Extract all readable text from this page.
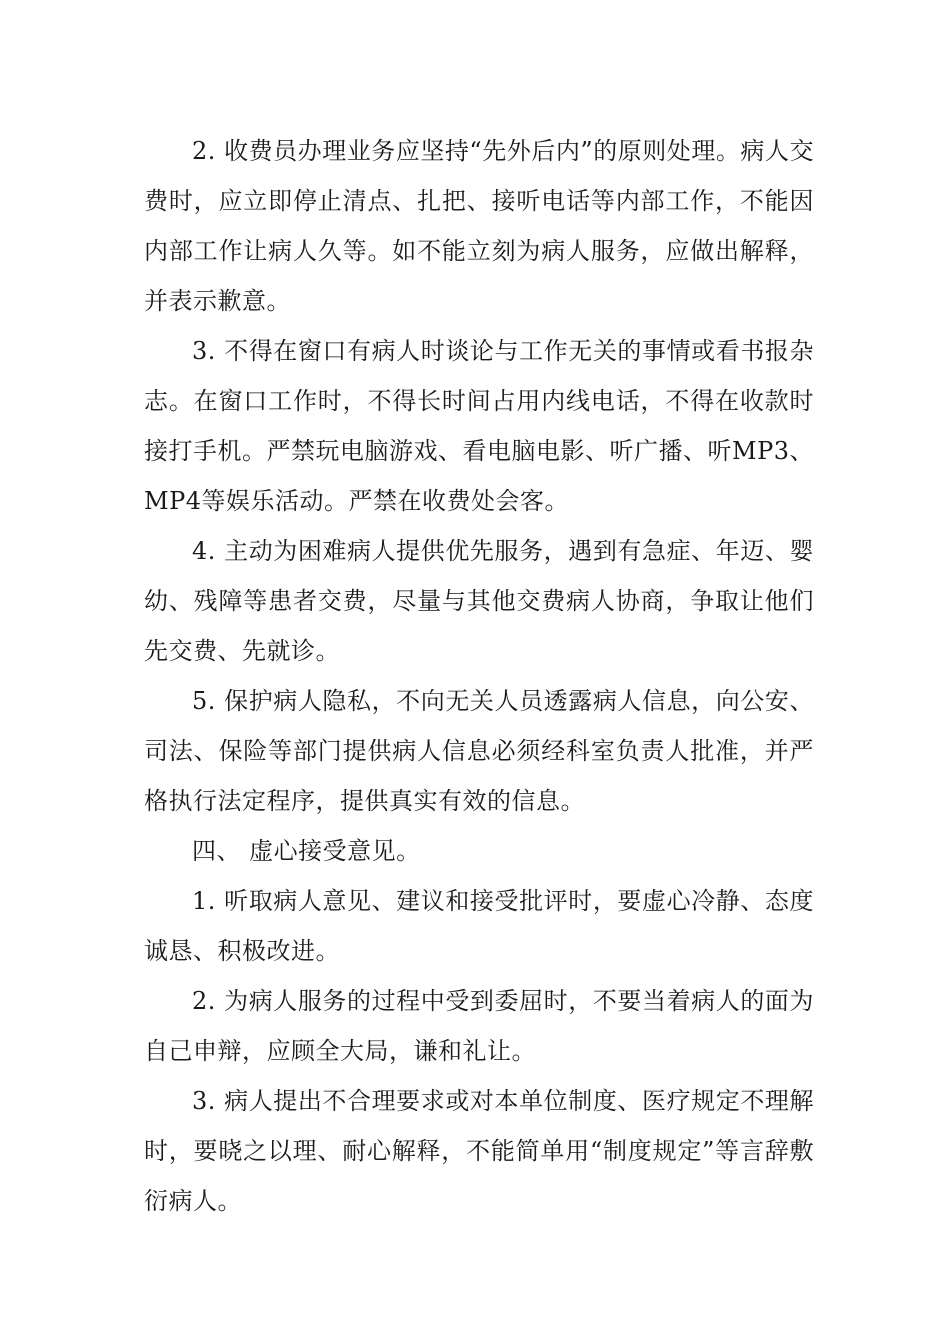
2. 收费员办理业务应坚持“先外后内”的原则处理。病人交费时，应立即停止清点、扎把、接听电话等内部工作，不能因内部工作让病人久等。如不能立刻为病人服务，应做出解释，并表示歉意。

3. 不得在窗口有病人时谈论与工作无关的事情或看书报杂志。在窗口工作时，不得长时间占用内线电话，不得在收款时接打手机。严禁玩电脑游戏、看电脑电影、听广播、听MP3、MP4等娱乐活动。严禁在收费处会客。

4. 主动为困难病人提供优先服务，遇到有急症、年迈、婴幼、残障等患者交费，尽量与其他交费病人协商，争取让他们先交费、先就诊。

5. 保护病人隐私，不向无关人员透露病人信息，向公安、司法、保险等部门提供病人信息必须经科室负责人批准，并严格执行法定程序，提供真实有效的信息。

四、 虚心接受意见。

1. 听取病人意见、建议和接受批评时，要虚心冷静、态度诚恳、积极改进。

2. 为病人服务的过程中受到委屈时，不要当着病人的面为自己申辩，应顾全大局，谦和礼让。

3. 病人提出不合理要求或对本单位制度、医疗规定不理解时，要晓之以理、耐心解释，不能简单用“制度规定”等言辞敷衍病人。
